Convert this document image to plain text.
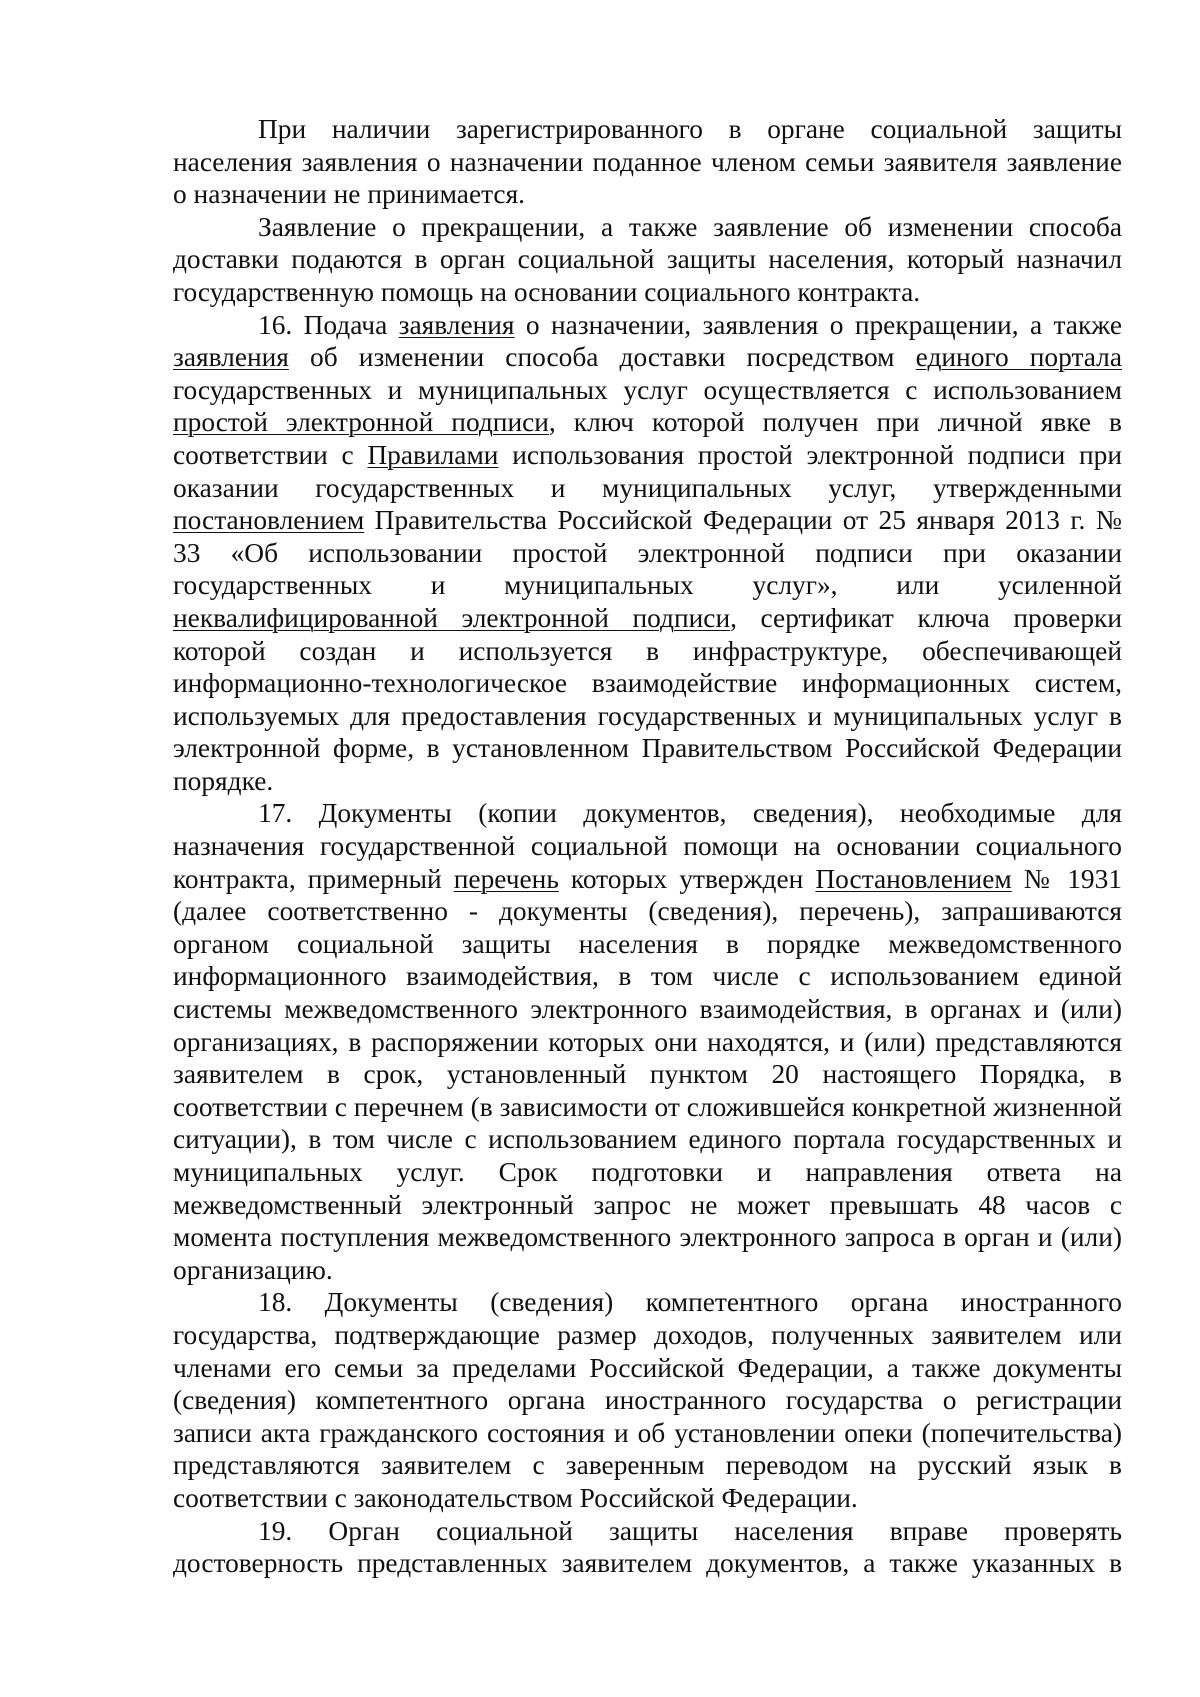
При наличии зарегистрированного в органе социальной защиты населения заявления о назначении поданное членом семьи заявителя заявление о назначении не принимается.

Заявление о прекращении, а также заявление об изменении способа доставки подаются в орган социальной защиты населения, который назначил государственную помощь на основании социального контракта.

16. Подача заявления о назначении, заявления о прекращении, а также заявления об изменении способа доставки посредством единого портала государственных и муниципальных услуг осуществляется с использованием простой электронной подписи, ключ которой получен при личной явке в соответствии с Правилами использования простой электронной подписи при оказании государственных и муниципальных услуг, утвержденными постановлением Правительства Российской Федерации от 25 января 2013 г. № 33 «Об использовании простой электронной подписи при оказании государственных и муниципальных услуг», или усиленной неквалифицированной электронной подписи, сертификат ключа проверки которой создан и используется в инфраструктуре, обеспечивающей информационно-технологическое взаимодействие информационных систем, используемых для предоставления государственных и муниципальных услуг в электронной форме, в установленном Правительством Российской Федерации порядке.

17. Документы (копии документов, сведения), необходимые для назначения государственной социальной помощи на основании социального контракта, примерный перечень которых утвержден Постановлением № 1931 (далее соответственно - документы (сведения), перечень), запрашиваются органом социальной защиты населения в порядке межведомственного информационного взаимодействия, в том числе с использованием единой системы межведомственного электронного взаимодействия, в органах и (или) организациях, в распоряжении которых они находятся, и (или) представляются заявителем в срок, установленный пунктом 20 настоящего Порядка, в соответствии с перечнем (в зависимости от сложившейся конкретной жизненной ситуации), в том числе с использованием единого портала государственных и муниципальных услуг. Срок подготовки и направления ответа на межведомственный электронный запрос не может превышать 48 часов с момента поступления межведомственного электронного запроса в орган и (или) организацию.

18. Документы (сведения) компетентного органа иностранного государства, подтверждающие размер доходов, полученных заявителем или членами его семьи за пределами Российской Федерации, а также документы (сведения) компетентного органа иностранного государства о регистрации записи акта гражданского состояния и об установлении опеки (попечительства) представляются заявителем с заверенным переводом на русский язык в соответствии с законодательством Российской Федерации.

19. Орган социальной защиты населения вправе проверять достоверность представленных заявителем документов, а также указанных в
